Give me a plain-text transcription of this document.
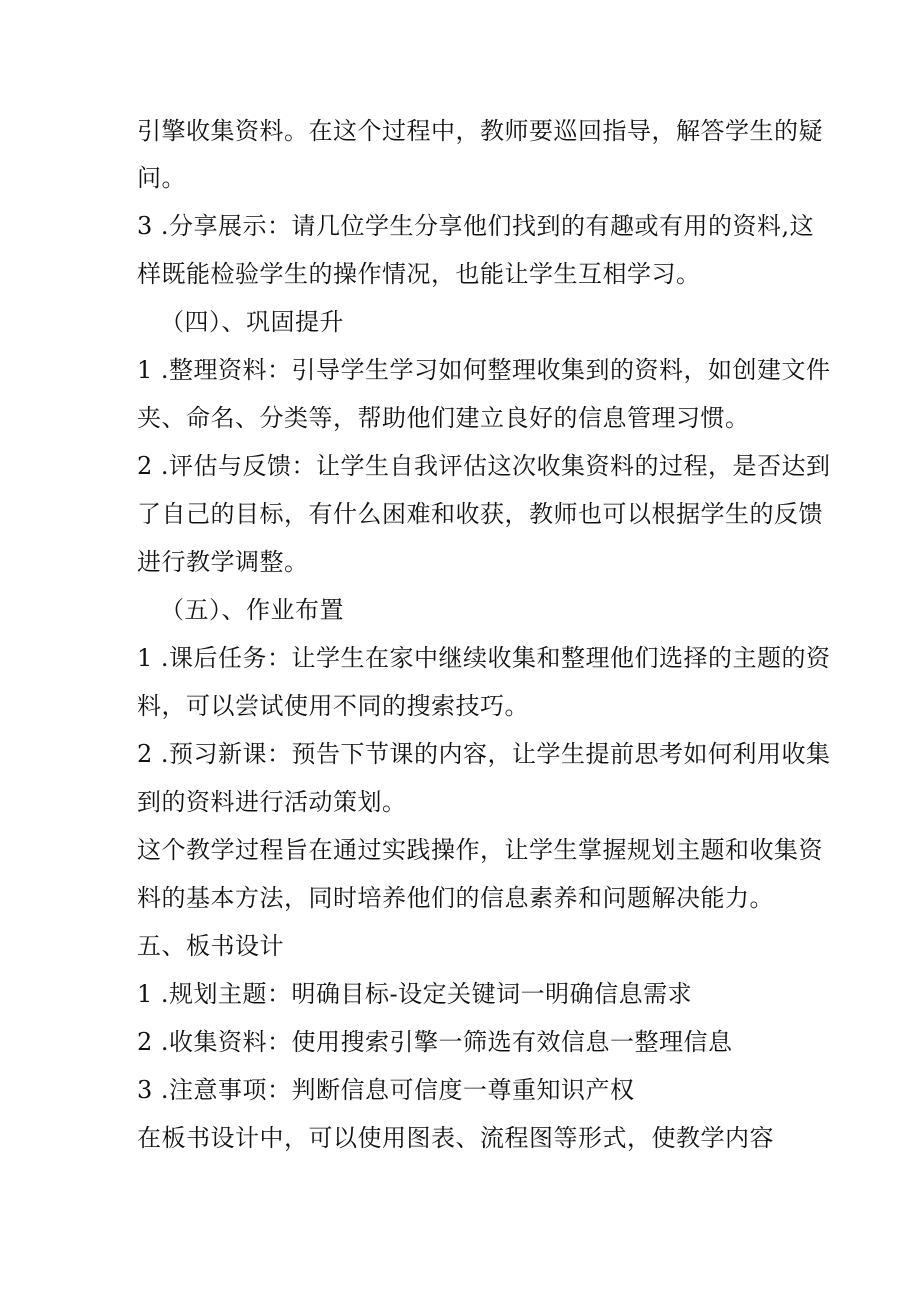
引擎收集资料。在这个过程中，教师要巡回指导，解答学生的疑
问。
3 .分享展示：请几位学生分享他们找到的有趣或有用的资料,这
样既能检验学生的操作情况，也能让学生互相学习。
（四）、巩固提升
1 .整理资料：引导学生学习如何整理收集到的资料，如创建文件
夹、命名、分类等，帮助他们建立良好的信息管理习惯。
2 .评估与反馈：让学生自我评估这次收集资料的过程，是否达到
了自己的目标，有什么困难和收获，教师也可以根据学生的反馈
进行教学调整。
（五）、作业布置
1 .课后任务：让学生在家中继续收集和整理他们选择的主题的资
料，可以尝试使用不同的搜索技巧。
2 .预习新课：预告下节课的内容，让学生提前思考如何利用收集
到的资料进行活动策划。
这个教学过程旨在通过实践操作，让学生掌握规划主题和收集资
料的基本方法，同时培养他们的信息素养和问题解决能力。
五、板书设计
1 .规划主题：明确目标-设定关键词一明确信息需求
2 .收集资料：使用搜索引擎一筛选有效信息一整理信息
3 .注意事项：判断信息可信度一尊重知识产权
在板书设计中，可以使用图表、流程图等形式，使教学内容
